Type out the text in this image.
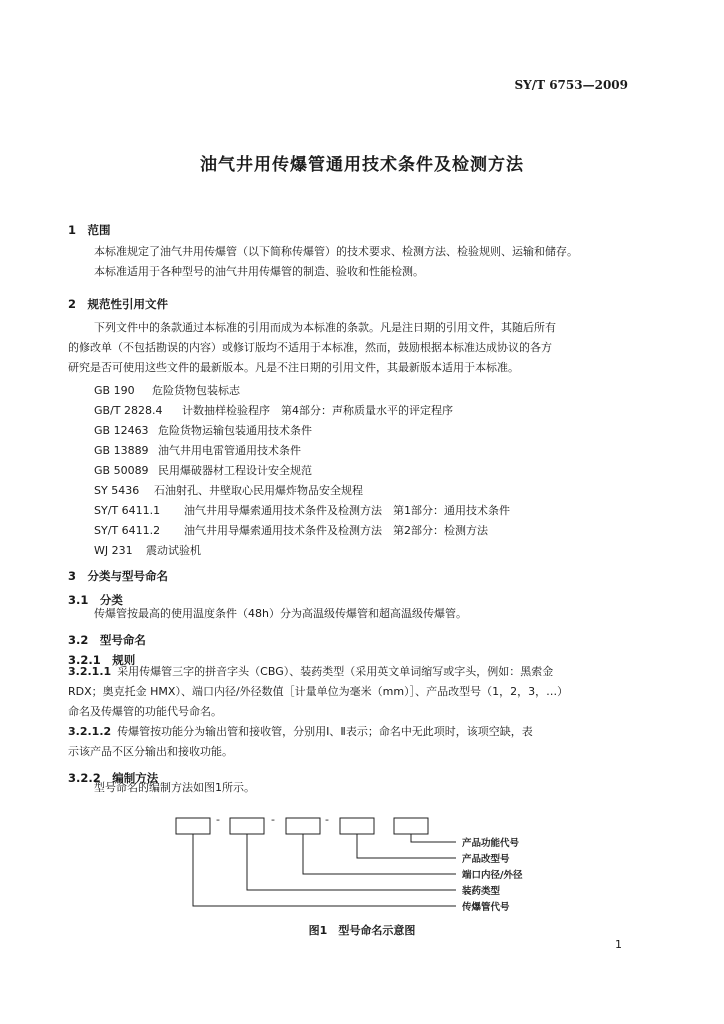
SY/T 6753—2009
油气井用传爆管通用技术条件及检测方法
1　范围
本标准规定了油气井用传爆管（以下简称传爆管）的技术要求、检测方法、检验规则、运输和储存。
本标准适用于各种型号的油气井用传爆管的制造、验收和性能检测。
2　规范性引用文件
下列文件中的条款通过本标准的引用而成为本标准的条款。凡是注日期的引用文件，其随后所有
的修改单（不包括勘误的内容）或修订版均不适用于本标准，然而，鼓励根据本标准达成协议的各方
研究是否可使用这些文件的最新版本。凡是不注日期的引用文件，其最新版本适用于本标准。
GB 190 危险货物包装标志
GB/T 2828.4 计数抽样检验程序　第4部分：声称质量水平的评定程序
GB 12463 危险货物运输包装通用技术条件
GB 13889 油气井用电雷管通用技术条件
GB 50089 民用爆破器材工程设计安全规范
SY 5436 石油射孔、井壁取心民用爆炸物品安全规程
SY/T 6411.1 油气井用导爆索通用技术条件及检测方法　第1部分：通用技术条件
SY/T 6411.2 油气井用导爆索通用技术条件及检测方法　第2部分：检测方法
WJ 231 震动试验机
3　分类与型号命名
3.1　分类
传爆管按最高的使用温度条件（48h）分为高温级传爆管和超高温级传爆管。
3.2　型号命名
3.2.1　规则
3.2.1.1 采用传爆管三字的拼音字头（CBG）、装药类型（采用英文单词缩写或字头，例如：黑索金
RDX；奥克托金 HMX）、端口内径/外径数值［计量单位为毫米（mm）］、产品改型号（1，2，3，…）
命名及传爆管的功能代号命名。
3.2.1.2 传爆管按功能分为输出管和接收管，分别用Ⅰ、Ⅱ表示；命名中无此项时，该项空缺，表
示该产品不区分输出和接收功能。
3.2.2　编制方法
型号命名的编制方法如图1所示。
-	-	-
产品功能代号
产品改型号
端口内径/外径
装药类型
传爆管代号
图1　型号命名示意图
1
